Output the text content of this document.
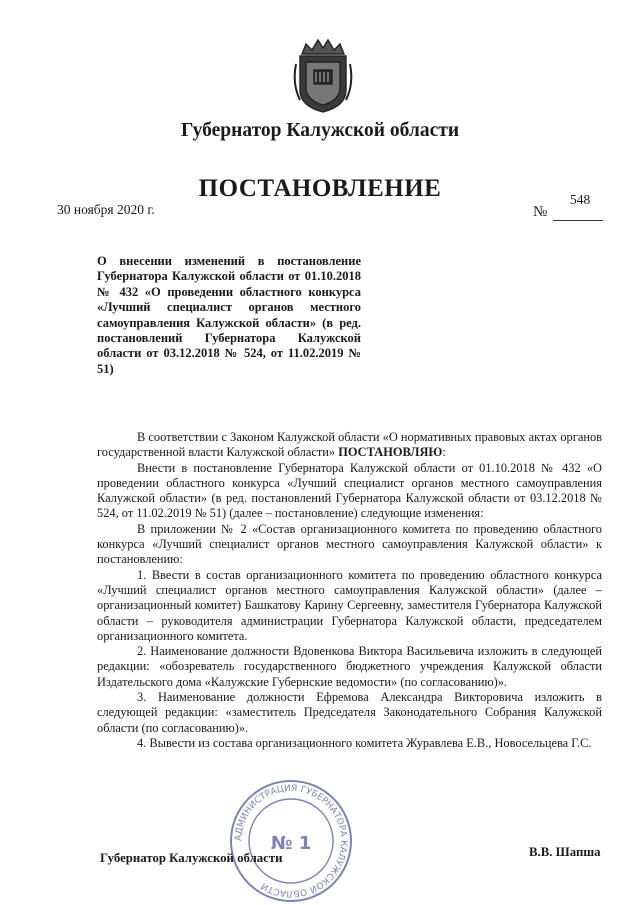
Губернатор Калужской области
ПОСТАНОВЛЕНИЕ
30 ноября 2020 г.	№
548
О внесении изменений в постановление Губернатора Калужской области от 01.10.2018 № 432 «О проведении областного конкурса «Лучший специалист органов местного самоуправления Калужской области» (в ред. постановлений Губернатора Калужской области от 03.12.2018 № 524, от 11.02.2019 № 51)

В соответствии с Законом Калужской области «О нормативных правовых актах органов государственной власти Калужской области» ПОСТАНОВЛЯЮ:

Внести в постановление Губернатора Калужской области от 01.10.2018 № 432 «О проведении областного конкурса «Лучший специалист органов местного самоуправления Калужской области» (в ред. постановлений Губернатора Калужской области от 03.12.2018 № 524, от 11.02.2019 № 51) (далее – постановление) следующие изменения:

В приложении № 2 «Состав организационного комитета по проведению областного конкурса «Лучший специалист органов местного самоуправления Калужской области» к постановлению:

1. Ввести в состав организационного комитета по проведению областного конкурса «Лучший специалист органов местного самоуправления Калужской области» (далее – организационный комитет) Башкатову Карину Сергеевну, заместителя Губернатора Калужской области – руководителя администрации Губернатора Калужской области, председателем организационного комитета.

2. Наименование должности Вдовенкова Виктора Васильевича изложить в следующей редакции: «обозреватель государственного бюджетного учреждения Калужской области Издательского дома «Калужские Губернские ведомости» (по согласованию)».

3. Наименование должности Ефремова Александра Викторовича изложить в следующей редакции: «заместитель Председателя Законодательного Собрания Калужской области (по согласованию)».

4. Вывести из состава организационного комитета Журавлева Е.В., Новосельцева Г.С.

Губернатор Калужской области	В.В. Шапша
АДМИНИСТРАЦИЯ ГУБЕРНАТОРА КАЛУЖСКОЙ ОБЛАСТИ
№ 1
